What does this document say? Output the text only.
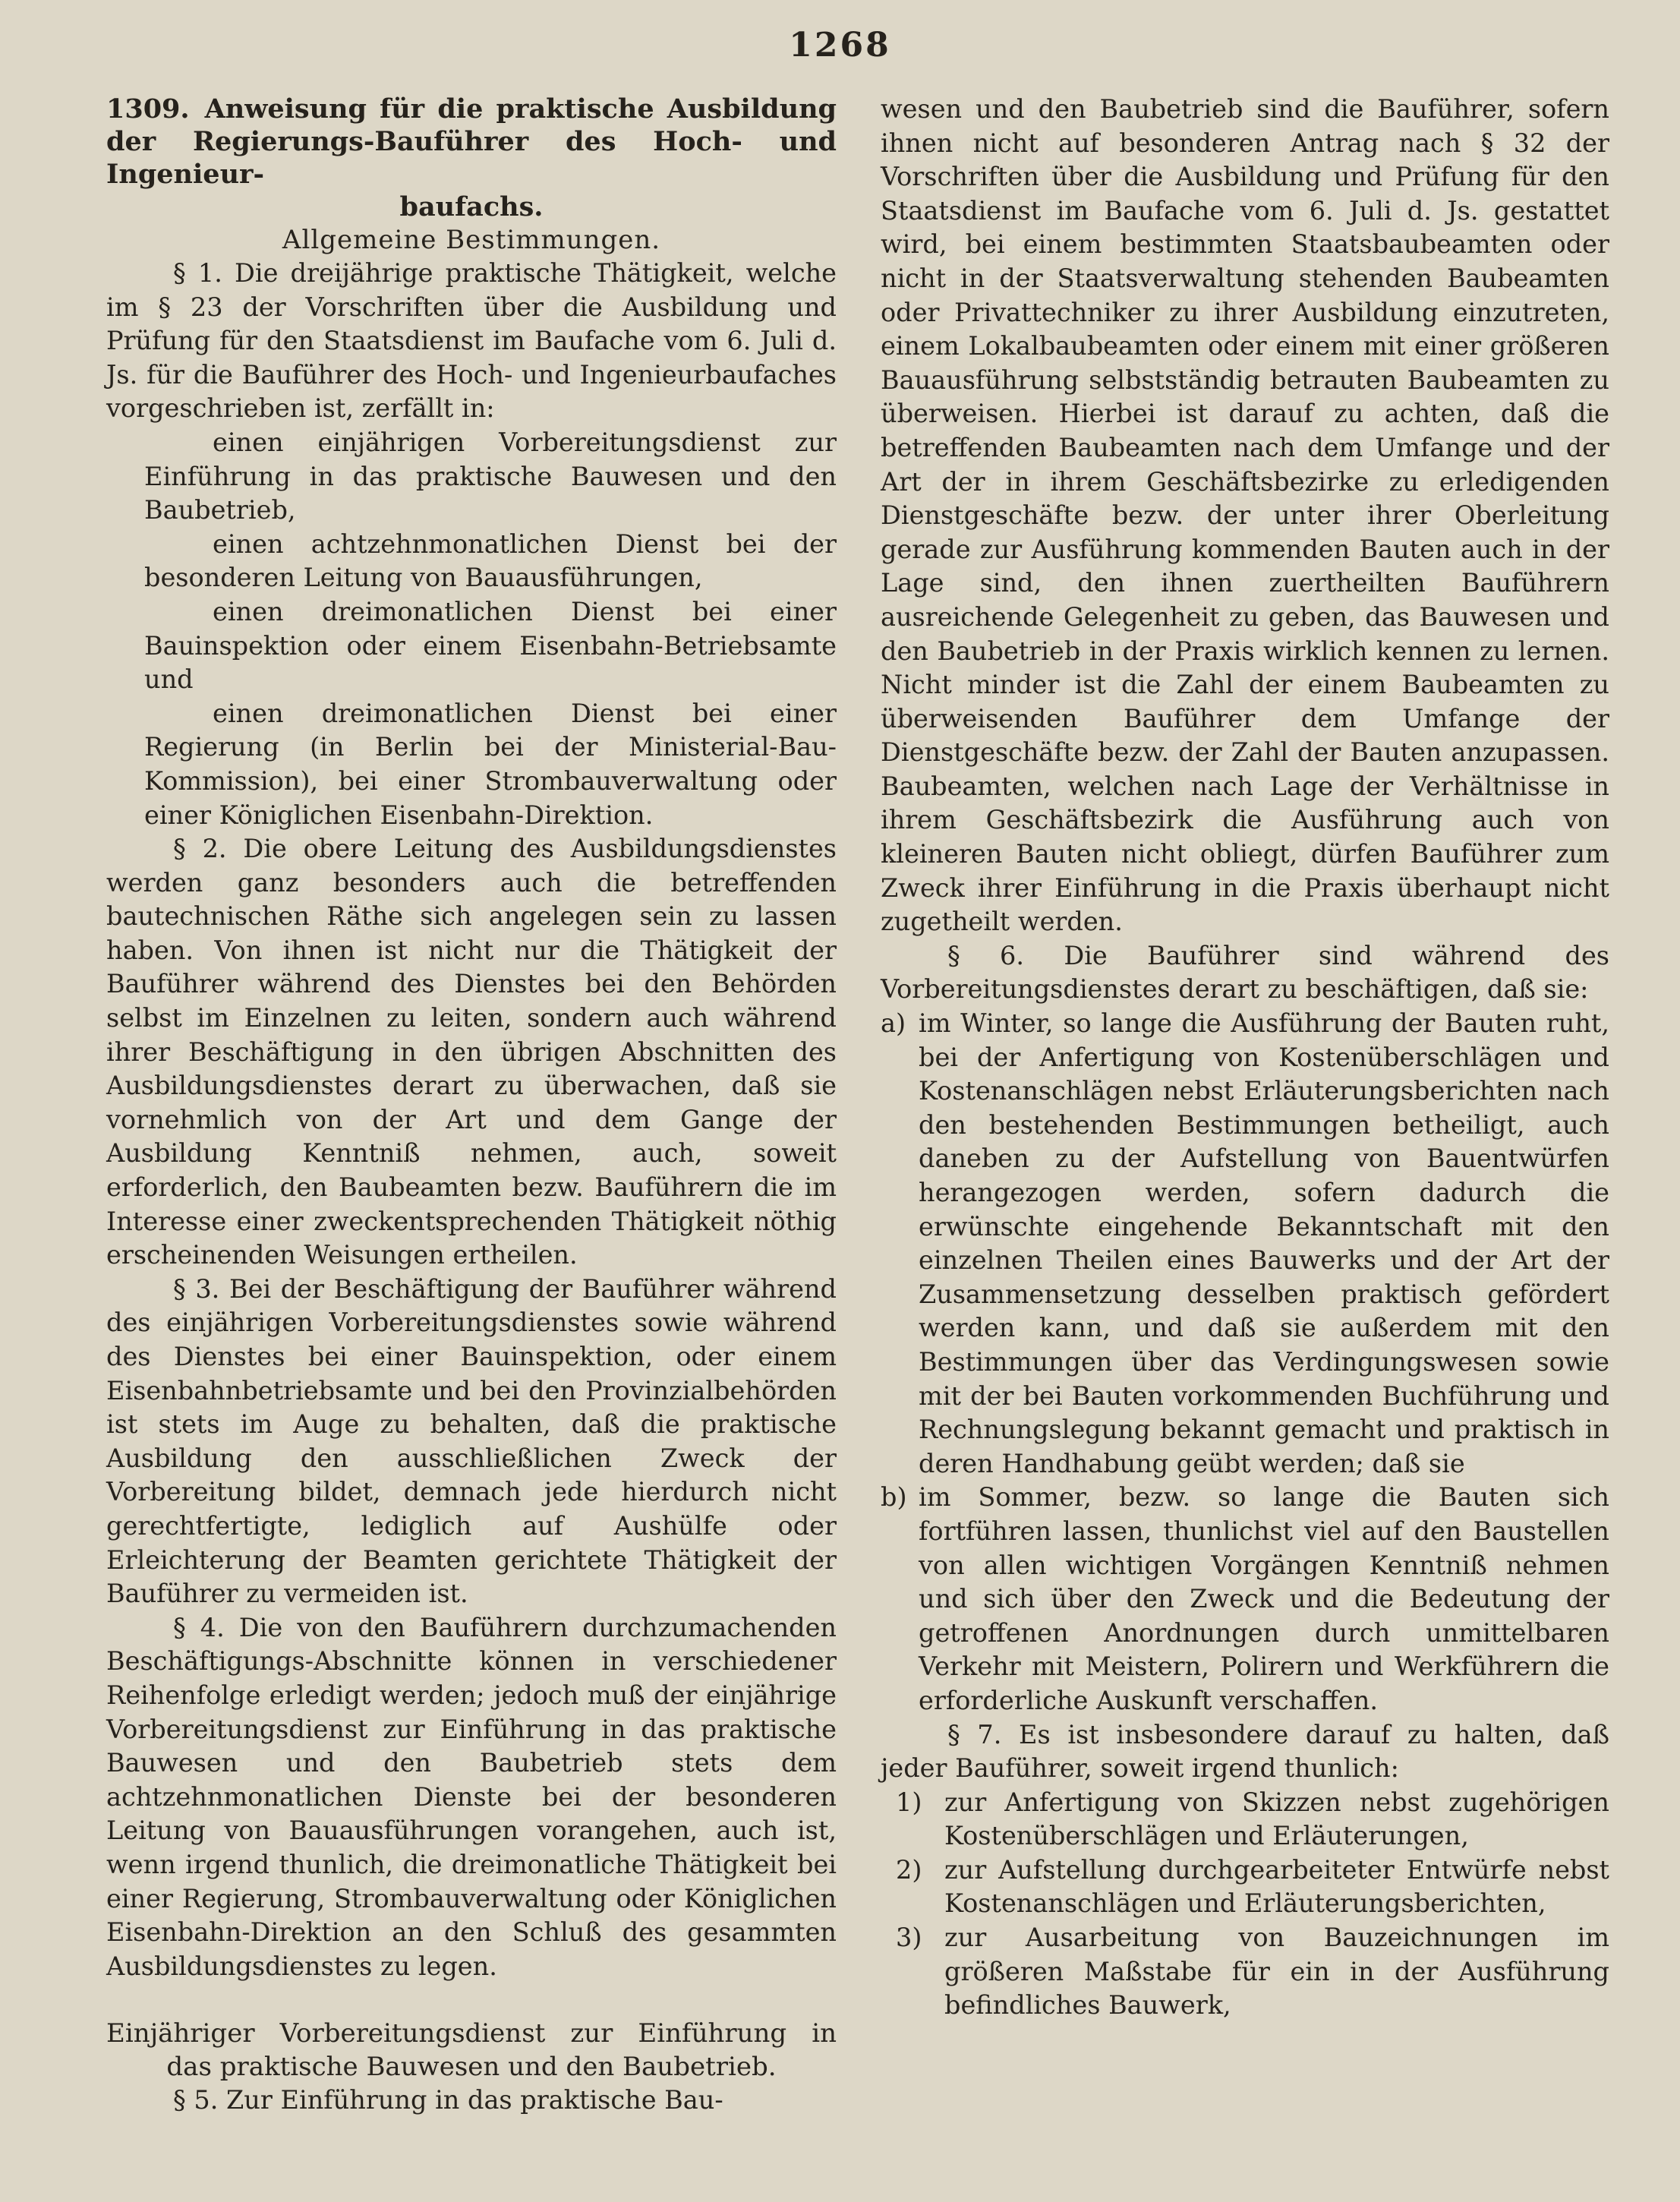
1268
1309. Anweisung für die praktische Ausbildung der Regierungs-Bauführer des Hoch- und Ingenieur-
baufachs.
Allgemeine Bestimmungen.

§ 1. Die dreijährige praktische Thätigkeit, welche im § 23 der Vorschriften über die Ausbildung und Prüfung für den Staatsdienst im Baufache vom 6. Juli d. Js. für die Bauführer des Hoch- und Ingenieurbaufaches vorgeschrieben ist, zerfällt in:

einen einjährigen Vorbereitungsdienst zur Einführung in das praktische Bauwesen und den Baubetrieb,

einen achtzehnmonatlichen Dienst bei der besonderen Leitung von Bauausführungen,

einen dreimonatlichen Dienst bei einer Bauinspektion oder einem Eisenbahn-Betriebsamte und

einen dreimonatlichen Dienst bei einer Regierung (in Berlin bei der Ministerial-Bau-Kommission), bei einer Strombauverwaltung oder einer Königlichen Eisenbahn-Direktion.

§ 2. Die obere Leitung des Ausbildungsdienstes werden ganz besonders auch die betreffenden bautechnischen Räthe sich angelegen sein zu lassen haben. Von ihnen ist nicht nur die Thätigkeit der Bauführer während des Dienstes bei den Behörden selbst im Einzelnen zu leiten, sondern auch während ihrer Beschäftigung in den übrigen Abschnitten des Ausbildungsdienstes derart zu überwachen, daß sie vornehmlich von der Art und dem Gange der Ausbildung Kenntniß nehmen, auch, soweit erforderlich, den Baubeamten bezw. Bauführern die im Interesse einer zweckentsprechenden Thätigkeit nöthig erscheinenden Weisungen ertheilen.

§ 3. Bei der Beschäftigung der Bauführer während des einjährigen Vorbereitungsdienstes sowie während des Dienstes bei einer Bauinspektion, oder einem Eisenbahnbetriebsamte und bei den Provinzialbehörden ist stets im Auge zu behalten, daß die praktische Ausbildung den ausschließlichen Zweck der Vorbereitung bildet, demnach jede hierdurch nicht gerechtfertigte, lediglich auf Aushülfe oder Erleichterung der Beamten gerichtete Thätigkeit der Bauführer zu vermeiden ist.

§ 4. Die von den Bauführern durchzumachenden Beschäftigungs-Abschnitte können in verschiedener Reihenfolge erledigt werden; jedoch muß der einjährige Vorbereitungsdienst zur Einführung in das praktische Bauwesen und den Baubetrieb stets dem achtzehnmonatlichen Dienste bei der besonderen Leitung von Bauausführungen vorangehen, auch ist, wenn irgend thunlich, die dreimonatliche Thätigkeit bei einer Regierung, Strombauverwaltung oder Königlichen Eisenbahn-Direktion an den Schluß des gesammten Ausbildungsdienstes zu legen.

Einjähriger Vorbereitungsdienst zur Einführung in
das praktische Bauwesen und den Baubetrieb.

§ 5. Zur Einführung in das praktische Bau-

wesen und den Baubetrieb sind die Bauführer, sofern ihnen nicht auf besonderen Antrag nach § 32 der Vorschriften über die Ausbildung und Prüfung für den Staatsdienst im Baufache vom 6. Juli d. Js. gestattet wird, bei einem bestimmten Staatsbaubeamten oder nicht in der Staatsverwaltung stehenden Baubeamten oder Privattechniker zu ihrer Ausbildung einzutreten, einem Lokalbaubeamten oder einem mit einer größeren Bauausführung selbstständig betrauten Baubeamten zu überweisen. Hierbei ist darauf zu achten, daß die betreffenden Baubeamten nach dem Umfange und der Art der in ihrem Geschäftsbezirke zu erledigenden Dienstgeschäfte bezw. der unter ihrer Oberleitung gerade zur Ausführung kommenden Bauten auch in der Lage sind, den ihnen zuertheilten Bauführern ausreichende Gelegenheit zu geben, das Bauwesen und den Baubetrieb in der Praxis wirklich kennen zu lernen. Nicht minder ist die Zahl der einem Baubeamten zu überweisenden Bauführer dem Umfange der Dienstgeschäfte bezw. der Zahl der Bauten anzupassen. Baubeamten, welchen nach Lage der Verhältnisse in ihrem Geschäftsbezirk die Ausführung auch von kleineren Bauten nicht obliegt, dürfen Bauführer zum Zweck ihrer Einführung in die Praxis überhaupt nicht zugetheilt werden.

§ 6. Die Bauführer sind während des Vorbereitungsdienstes derart zu beschäftigen, daß sie:

a) im Winter, so lange die Ausführung der Bauten ruht, bei der Anfertigung von Kostenüberschlägen und Kostenanschlägen nebst Erläuterungsberichten nach den bestehenden Bestimmungen betheiligt, auch daneben zu der Aufstellung von Bauentwürfen herangezogen werden, sofern dadurch die erwünschte eingehende Bekanntschaft mit den einzelnen Theilen eines Bauwerks und der Art der Zusammensetzung desselben praktisch gefördert werden kann, und daß sie außerdem mit den Bestimmungen über das Verdingungswesen sowie mit der bei Bauten vorkommenden Buchführung und Rechnungslegung bekannt gemacht und praktisch in deren Handhabung geübt werden; daß sie
b) im Sommer, bezw. so lange die Bauten sich fortführen lassen, thunlichst viel auf den Baustellen von allen wichtigen Vorgängen Kenntniß nehmen und sich über den Zweck und die Bedeutung der getroffenen Anordnungen durch unmittelbaren Verkehr mit Meistern, Polirern und Werkführern die erforderliche Auskunft verschaffen.

§ 7. Es ist insbesondere darauf zu halten, daß jeder Bauführer, soweit irgend thunlich:

1) zur Anfertigung von Skizzen nebst zugehörigen Kostenüberschlägen und Erläuterungen,
2) zur Aufstellung durchgearbeiteter Entwürfe nebst Kostenanschlägen und Erläuterungsberichten,
3) zur Ausarbeitung von Bauzeichnungen im größeren Maßstabe für ein in der Ausführung befindliches Bauwerk,
